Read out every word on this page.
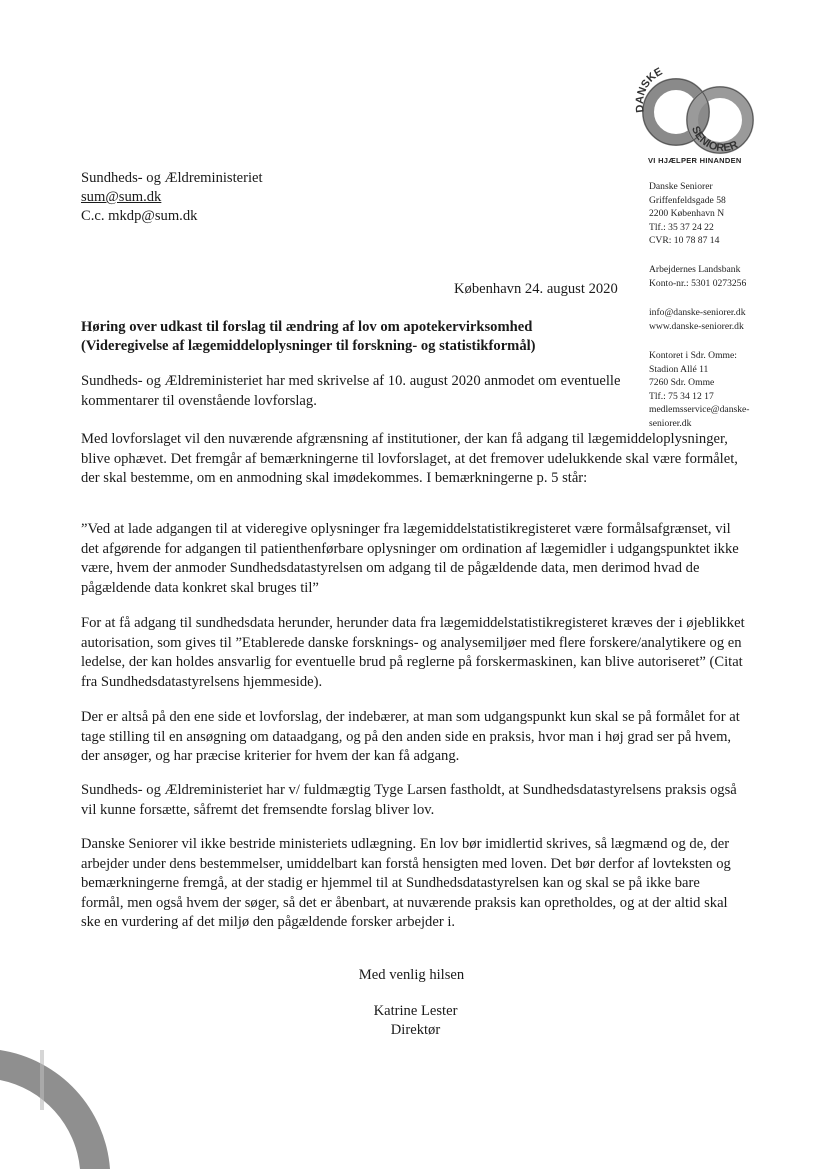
DANSKE
SENIORER
VI HJÆLPER HINANDEN
Danske Seniorer
Griffenfeldsgade 58
2200 København N
Tlf.: 35 37 24 22
CVR: 10 78 87 14
Arbejdernes Landsbank
Konto-nr.: 5301 0273256
info@danske-seniorer.dk
www.danske-seniorer.dk
Kontoret i Sdr. Omme:
Stadion Allé 11
7260 Sdr. Omme
Tlf.: 75 34 12 17
medlemsservice@danske-
seniorer.dk
Sundheds- og Ældreministeriet
sum@sum.dk
C.c. mkdp@sum.dk
København 24. august 2020
Høring over udkast til forslag til ændring af lov om apotekervirksomhed
(Videregivelse af lægemiddeloplysninger til forskning- og statistikformål)
Sundheds- og Ældreministeriet har med skrivelse af 10. august 2020 anmodet om eventuelle kommentarer til ovenstående lovforslag.
Med lovforslaget vil den nuværende afgrænsning af institutioner, der kan få adgang til lægemiddeloplysninger, blive ophævet. Det fremgår af bemærkningerne til lovforslaget, at det fremover udelukkende skal være formålet, der skal bestemme, om en anmodning skal imødekommes. I bemærkningerne p. 5 står:
”Ved at lade adgangen til at videregive oplysninger fra lægemiddelstatistikregisteret være formålsafgrænset, vil det afgørende for adgangen til patienthenførbare oplysninger om ordination af lægemidler i udgangspunktet ikke være, hvem der anmoder Sundhedsdatastyrelsen om adgang til de pågældende data, men derimod hvad de pågældende data konkret skal bruges til”
For at få adgang til sundhedsdata herunder, herunder data fra lægemiddelstatistikregisteret kræves der i øjeblikket autorisation, som gives til ”Etablerede danske forsknings- og analysemiljøer med flere forskere/analytikere og en ledelse, der kan holdes ansvarlig for eventuelle brud på reglerne på forskermaskinen, kan blive autoriseret” (Citat fra Sundhedsdatastyrelsens hjemmeside).
Der er altså på den ene side et lovforslag, der indebærer, at man som udgangspunkt kun skal se på formålet for at tage stilling til en ansøgning om dataadgang, og på den anden side en praksis, hvor man i høj grad ser på hvem, der ansøger, og har præcise kriterier for hvem der kan få adgang.
Sundheds- og Ældreministeriet har v/ fuldmægtig Tyge Larsen fastholdt, at Sundhedsdatastyrelsens praksis også vil kunne forsætte, såfremt det fremsendte forslag bliver lov.
Danske Seniorer vil ikke bestride ministeriets udlægning. En lov bør imidlertid skrives, så lægmænd og de, der arbejder under dens bestemmelser, umiddelbart kan forstå hensigten med loven. Det bør derfor af lovteksten og bemærkningerne fremgå, at der stadig er hjemmel til at Sundhedsdatastyrelsen kan og skal se på ikke bare formål, men også hvem der søger, så det er åbenbart, at nuværende praksis kan opretholdes, og at der altid skal ske en vurdering af det miljø den pågældende forsker arbejder i.
Med venlig hilsen
Katrine Lester
Direktør
